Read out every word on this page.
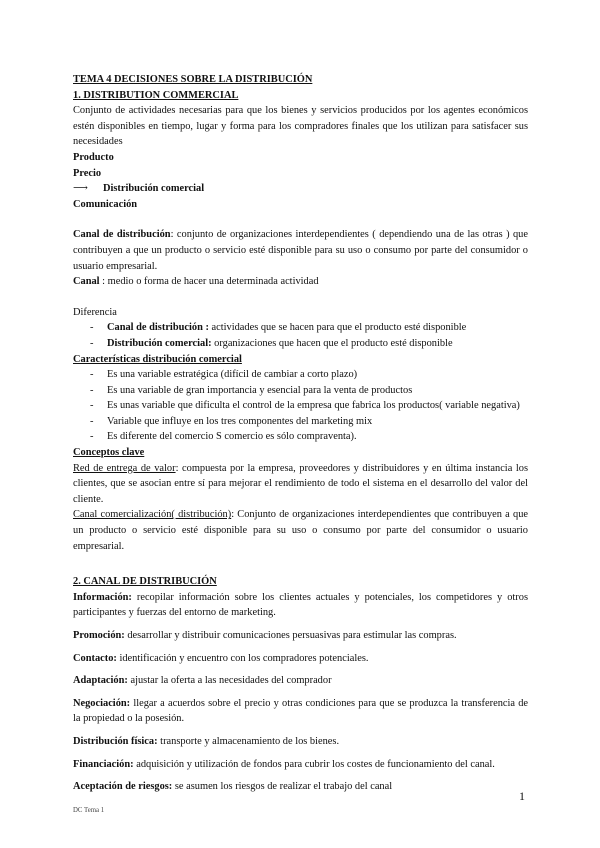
TEMA 4 DECISIONES SOBRE LA DISTRIBUCIÓN

1. DISTRIBUTION COMMERCIAL

Conjunto de actividades necesarias para que los bienes y servicios producidos por los agentes económicos estén disponibles en tiempo, lugar y forma para los compradores finales que los utilizan para satisfacer sus necesidades

Producto

Precio

⟶	Distribución comercial

Comunicación

Canal de distribución: conjunto de organizaciones interdependientes ( dependiendo una de las otras ) que contribuyen a que un producto o servicio esté disponible para su uso o consumo por parte del consumidor o usuario empresarial.

Canal : medio o forma de hacer una determinada actividad

Diferencia

- Canal de distribución : actividades que se hacen para que el producto esté disponible
- Distribución comercial: organizaciones que hacen que el producto esté disponible

Características distribución comercial

- Es una variable estratégica (difícil de cambiar a corto plazo)
- Es una variable de gran importancia y esencial para la venta de productos
- Es unas variable que dificulta el control de la empresa que fabrica los productos( variable negativa)
- Variable que influye en los tres componentes del marketing mix
- Es diferente del comercio S comercio es sólo compraventa).

Conceptos clave

Red de entrega de valor: compuesta por la empresa, proveedores y distribuidores y en última instancia los clientes, que se asocian entre sí para mejorar el rendimiento de todo el sistema en el desarrollo del valor del cliente.

Canal comercialización( distribución): Conjunto de organizaciones interdependientes que contribuyen a que un producto o servicio esté disponible para su uso o consumo por parte del consumidor o usuario empresarial.

2. CANAL DE DISTRIBUCIÓN

Información: recopilar información sobre los clientes actuales y potenciales, los competidores y otros participantes y fuerzas del entorno de marketing.

Promoción: desarrollar y distribuir comunicaciones persuasivas para estimular las compras.

Contacto: identificación y encuentro con los compradores potenciales.

Adaptación: ajustar la oferta a las necesidades del comprador

Negociación: llegar a acuerdos sobre el precio y otras condiciones para que se produzca la transferencia de la propiedad o la posesión.

Distribución física: transporte y almacenamiento de los bienes.

Financiación: adquisición y utilización de fondos para cubrir los costes de funcionamiento del canal.

Aceptación de riesgos: se asumen los riesgos de realizar el trabajo del canal

1
DC Tema 1
